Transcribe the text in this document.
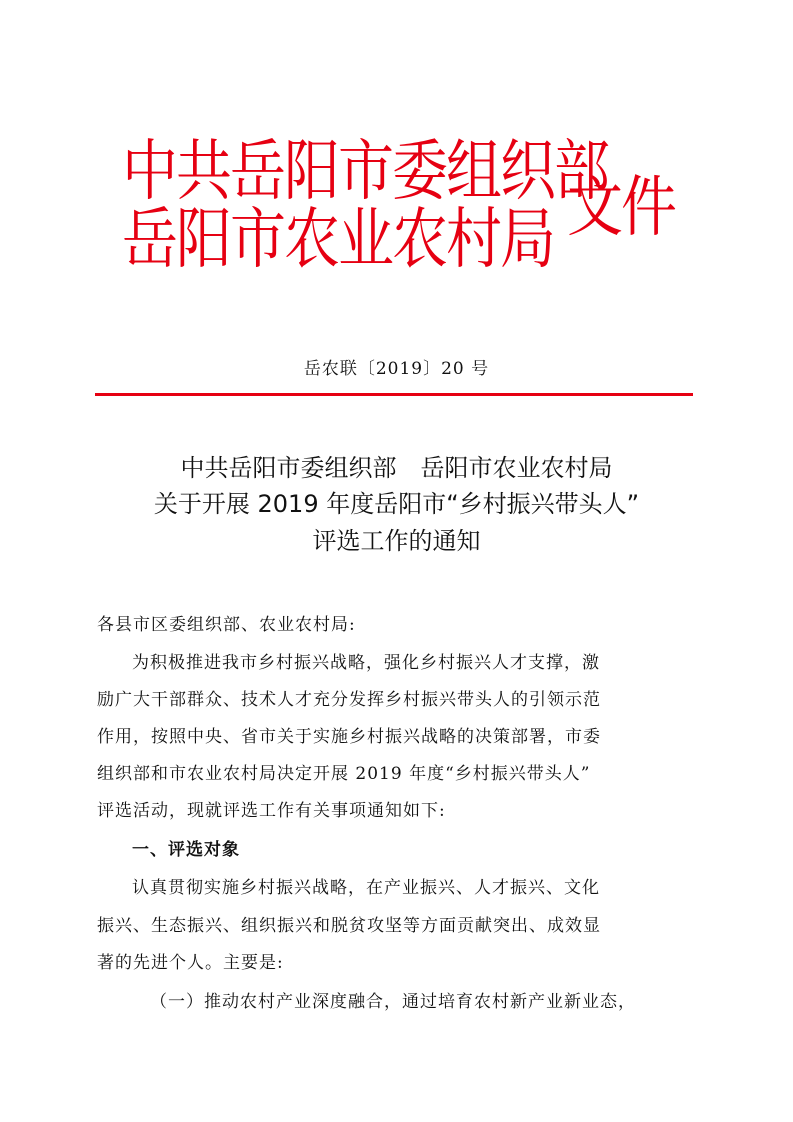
中共岳阳市委组织部
岳阳市农业农村局 文件
岳农联〔2019〕20 号
中共岳阳市委组织部　岳阳市农业农村局
关于开展 2019 年度岳阳市“乡村振兴带头人”
评选工作的通知
各县市区委组织部、农业农村局:
为积极推进我市乡村振兴战略，强化乡村振兴人才支撑，激
励广大干部群众、技术人才充分发挥乡村振兴带头人的引领示范
作用，按照中央、省市关于实施乡村振兴战略的决策部署，市委
组织部和市农业农村局决定开展 2019 年度“乡村振兴带头人”
评选活动，现就评选工作有关事项通知如下:
一、评选对象
认真贯彻实施乡村振兴战略，在产业振兴、人才振兴、文化
振兴、生态振兴、组织振兴和脱贫攻坚等方面贡献突出、成效显
著的先进个人。主要是:
（一）推动农村产业深度融合，通过培育农村新产业新业态，
